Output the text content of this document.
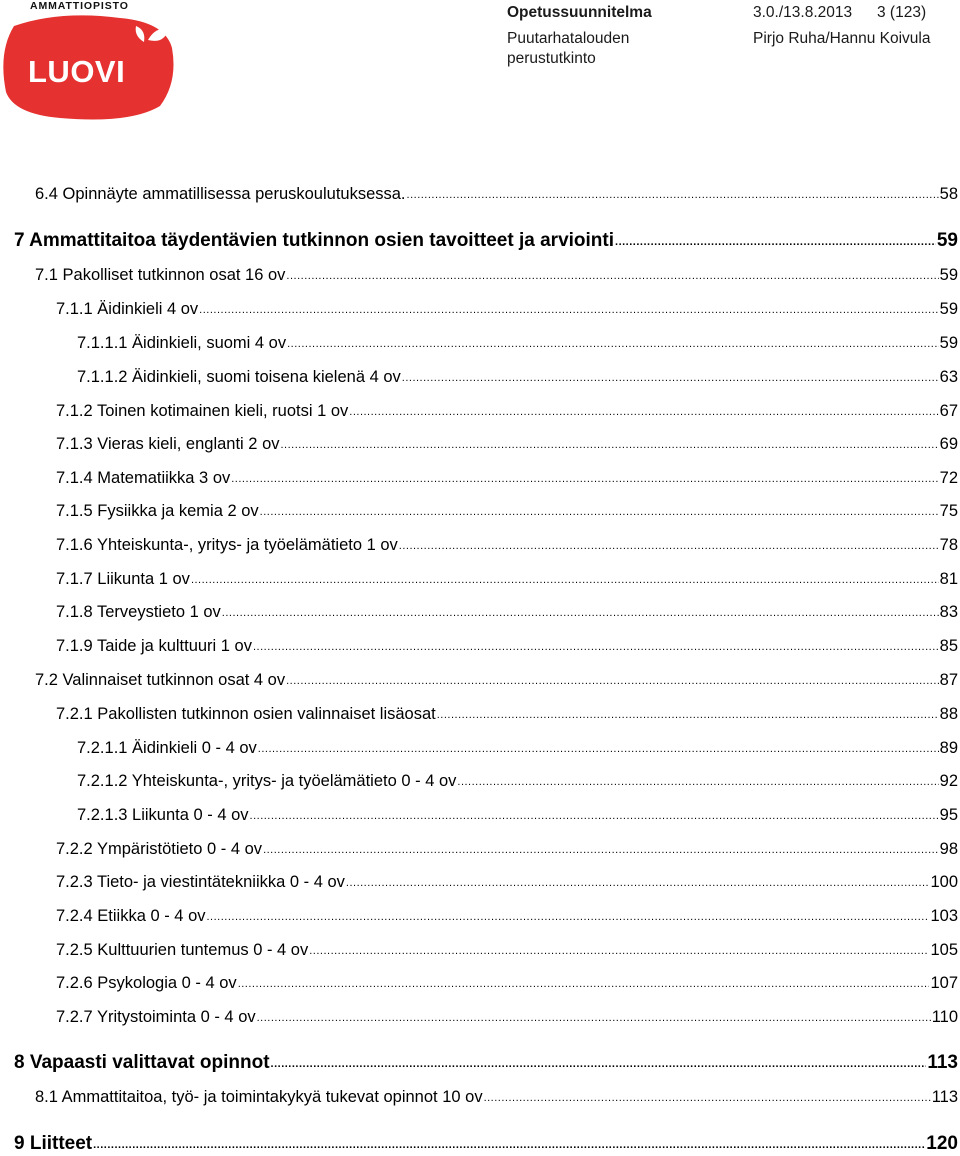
AMMATTIOPISTO
LUOVI
Opetussuunnitelma	3.0./13.8.2013 3 (123)
Puutarhatalouden perustutkinto
Pirjo Ruha/Hannu Koivula
6.4 Opinnäyte ammatillisessa peruskoulutuksessa. .....	58
7 Ammattitaitoa täydentävien tutkinnon osien tavoitteet ja arviointi .....	59
7.1 Pakolliset tutkinnon osat 16 ov .....	59
7.1.1 Äidinkieli 4 ov .....	59
7.1.1.1 Äidinkieli, suomi 4 ov .....	59
7.1.1.2 Äidinkieli, suomi toisena kielenä 4 ov .....	63
7.1.2 Toinen kotimainen kieli, ruotsi 1 ov .....	67
7.1.3 Vieras kieli, englanti 2 ov .....	69
7.1.4 Matematiikka 3 ov .....	72
7.1.5 Fysiikka ja kemia 2 ov .....	75
7.1.6 Yhteiskunta-, yritys- ja työelämätieto 1 ov .....	78
7.1.7 Liikunta 1 ov .....	81
7.1.8 Terveystieto 1 ov .....	83
7.1.9 Taide ja kulttuuri 1 ov .....	85
7.2 Valinnaiset tutkinnon osat 4 ov .....	87
7.2.1 Pakollisten tutkinnon osien valinnaiset lisäosat .....	88
7.2.1.1 Äidinkieli 0 - 4 ov .....	89
7.2.1.2 Yhteiskunta-, yritys- ja työelämätieto 0 - 4 ov .....	92
7.2.1.3 Liikunta 0 - 4 ov .....	95
7.2.2 Ympäristötieto 0 - 4 ov .....	98
7.2.3 Tieto- ja viestintätekniikka 0 - 4 ov .....	100
7.2.4 Etiikka 0 - 4 ov .....	103
7.2.5 Kulttuurien tuntemus 0 - 4 ov .....	105
7.2.6 Psykologia 0 - 4 ov .....	107
7.2.7 Yritystoiminta 0 - 4 ov .....	110
8 Vapaasti valittavat opinnot .....	113
8.1 Ammattitaitoa, työ- ja toimintakykyä tukevat opinnot 10 ov .....	113
9 Liitteet .....	120
